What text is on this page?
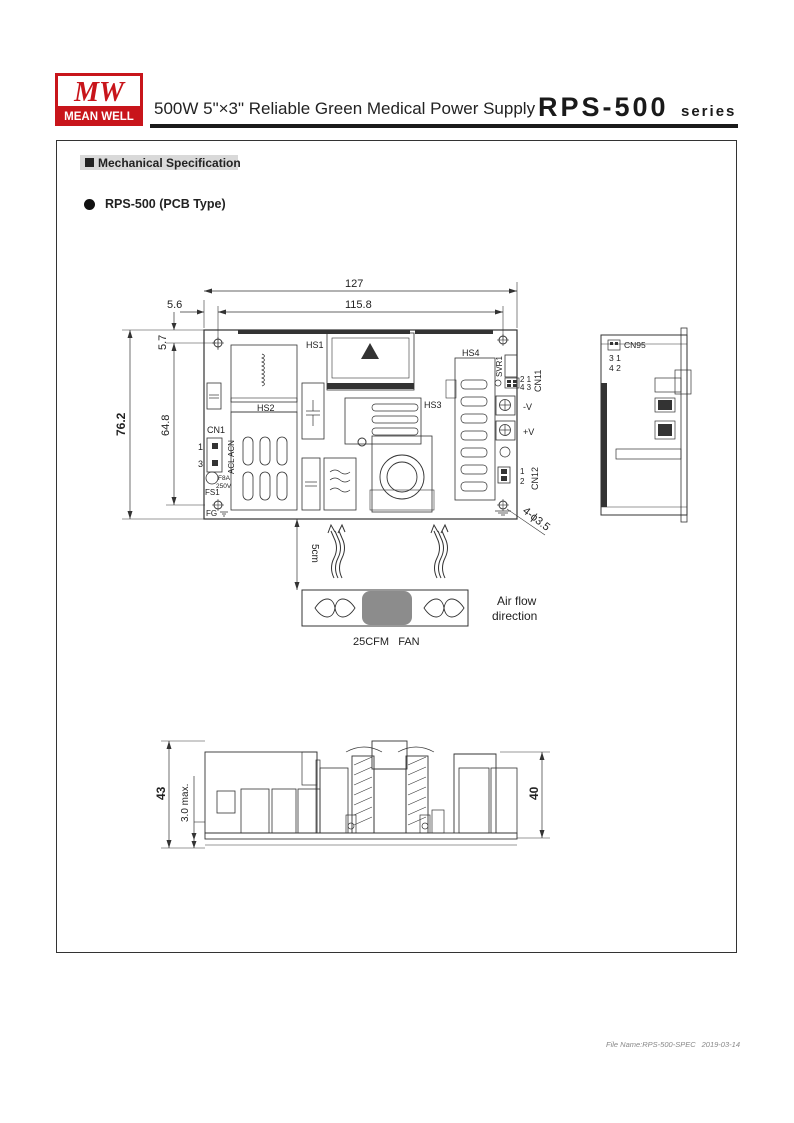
MW
MEAN WELL 500W 5"×3" Reliable Green Medical Power Supply RPS-500 series
Mechanical Specification
RPS-500 (PCB Type)
127
115.8
5.6
76.2	64.8
5.7
4-ϕ3.5
HS1
HS2
HS4
HS3
CN1
1
3	ACL ACN
F8A
250V
FS1
FG
SVR1
2 1
4 3 CN11
-V
+V
1
2 CN12
5cm
Air flow
direction
25CFM   FAN
CN95
3 1
4 2
43 3.0 max.	40
File Name:RPS-500-SPEC 2019-03-14
